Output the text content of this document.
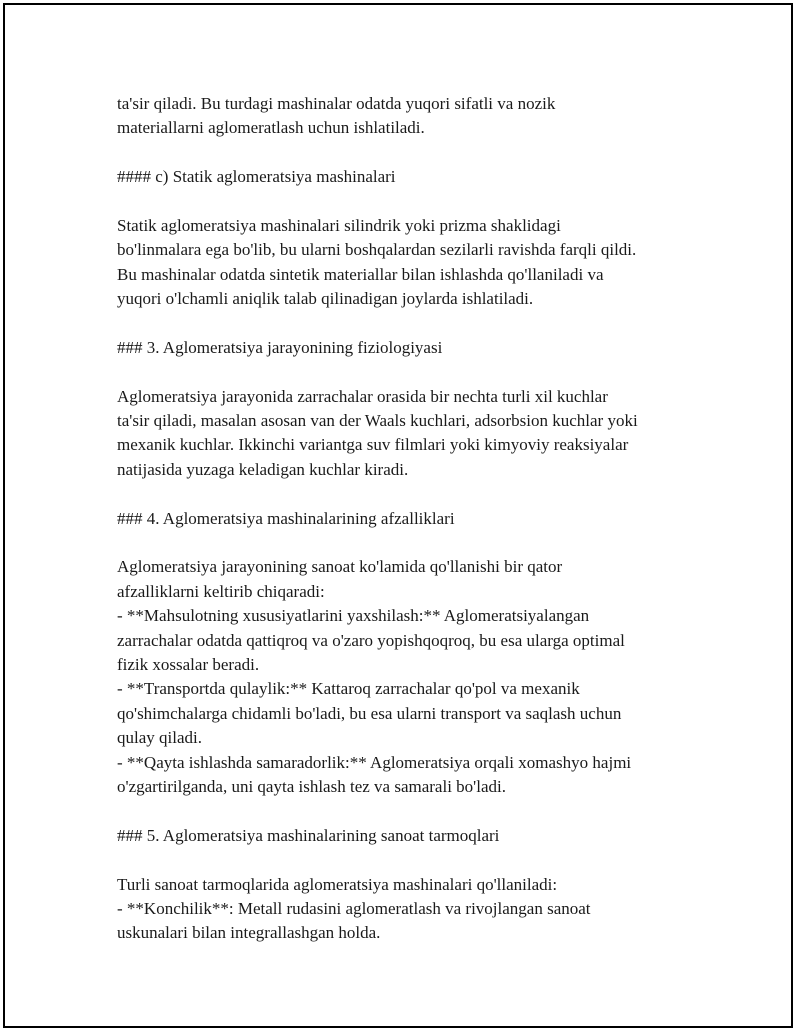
ta'sir qiladi. Bu turdagi mashinalar odatda yuqori sifatli va nozik
materiallarni aglomeratlash uchun ishlatiladi.
#### c) Statik aglomeratsiya mashinalari
Statik aglomeratsiya mashinalari silindrik yoki prizma shaklidagi
bo'linmalara ega bo'lib, bu ularni boshqalardan sezilarli ravishda farqli qildi.
Bu mashinalar odatda sintetik materiallar bilan ishlashda qo'llaniladi va
yuqori o'lchamli aniqlik talab qilinadigan joylarda ishlatiladi.
### 3. Aglomeratsiya jarayonining fiziologiyasi
Aglomeratsiya jarayonida zarrachalar orasida bir nechta turli xil kuchlar
ta'sir qiladi, masalan asosan van der Waals kuchlari, adsorbsion kuchlar yoki
mexanik kuchlar. Ikkinchi variantga suv filmlari yoki kimyoviy reaksiyalar
natijasida yuzaga keladigan kuchlar kiradi.
### 4. Aglomeratsiya mashinalarining afzalliklari
Aglomeratsiya jarayonining sanoat ko'lamida qo'llanishi bir qator
afzalliklarni keltirib chiqaradi:
- **Mahsulotning xususiyatlarini yaxshilash:** Aglomeratsiyalangan
zarrachalar odatda qattiqroq va o'zaro yopishqoqroq, bu esa ularga optimal
fizik xossalar beradi.
- **Transportda qulaylik:** Kattaroq zarrachalar qo'pol va mexanik
qo'shimchalarga chidamli bo'ladi, bu esa ularni transport va saqlash uchun
qulay qiladi.
- **Qayta ishlashda samaradorlik:** Aglomeratsiya orqali xomashyo hajmi
o'zgartirilganda, uni qayta ishlash tez va samarali bo'ladi.
### 5. Aglomeratsiya mashinalarining sanoat tarmoqlari
Turli sanoat tarmoqlarida aglomeratsiya mashinalari qo'llaniladi:
- **Konchilik**: Metall rudasini aglomeratlash va rivojlangan sanoat
uskunalari bilan integrallashgan holda.
